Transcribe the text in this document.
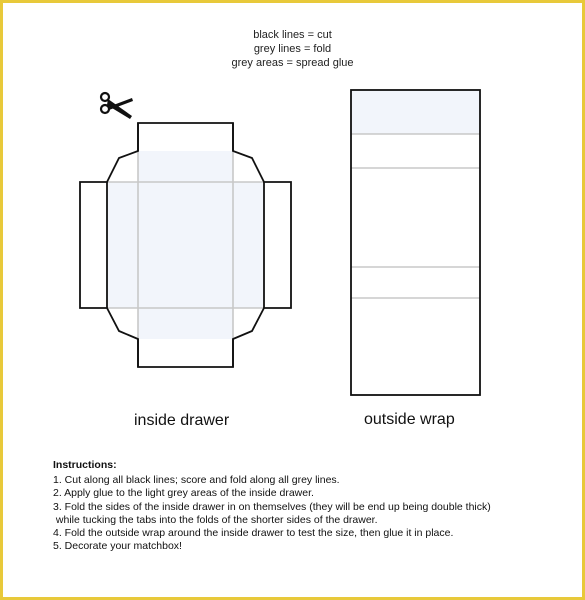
black lines = cut
grey lines = fold
grey areas = spread glue
inside drawer	outside wrap
Instructions:
1. Cut along all black lines; score and fold along all grey lines.
2. Apply glue to the light grey areas of the inside drawer.
3. Fold the sides of the inside drawer in on themselves (they will be end up being double thick)
while tucking the tabs into the folds of the shorter sides of the drawer.
4. Fold the outside wrap around the inside drawer to test the size, then glue it in place.
5. Decorate your matchbox!
